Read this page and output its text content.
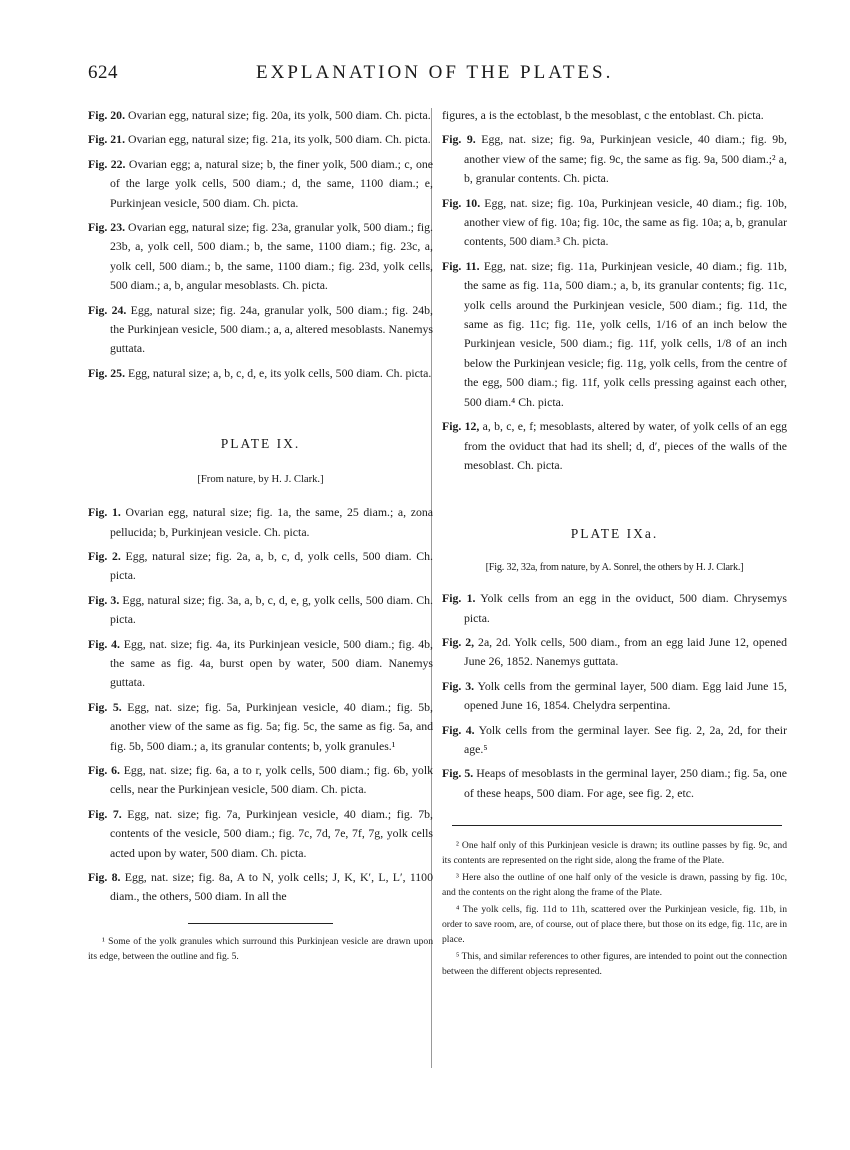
624	EXPLANATION OF THE PLATES.

Fig. 20. Ovarian egg, natural size; fig. 20a, its yolk, 500 diam. Ch. picta.

Fig. 21. Ovarian egg, natural size; fig. 21a, its yolk, 500 diam. Ch. picta.

Fig. 22. Ovarian egg; a, natural size; b, the finer yolk, 500 diam.; c, one of the large yolk cells, 500 diam.; d, the same, 1100 diam.; e, Purkinjean vesicle, 500 diam. Ch. picta.

Fig. 23. Ovarian egg, natural size; fig. 23a, granular yolk, 500 diam.; fig. 23b, a, yolk cell, 500 diam.; b, the same, 1100 diam.; fig. 23c, a, yolk cell, 500 diam.; b, the same, 1100 diam.; fig. 23d, yolk cells, 500 diam.; a, b, angular mesoblasts. Ch. picta.

Fig. 24. Egg, natural size; fig. 24a, granular yolk, 500 diam.; fig. 24b, the Purkinjean vesicle, 500 diam.; a, a, altered mesoblasts. Nanemys guttata.

Fig. 25. Egg, natural size; a, b, c, d, e, its yolk cells, 500 diam. Ch. picta.

PLATE IX.

[From nature, by H. J. Clark.]

Fig. 1. Ovarian egg, natural size; fig. 1a, the same, 25 diam.; a, zona pellucida; b, Purkinjean vesicle. Ch. picta.

Fig. 2. Egg, natural size; fig. 2a, a, b, c, d, yolk cells, 500 diam. Ch. picta.

Fig. 3. Egg, natural size; fig. 3a, a, b, c, d, e, g, yolk cells, 500 diam. Ch. picta.

Fig. 4. Egg, nat. size; fig. 4a, its Purkinjean vesicle, 500 diam.; fig. 4b, the same as fig. 4a, burst open by water, 500 diam. Nanemys guttata.

Fig. 5. Egg, nat. size; fig. 5a, Purkinjean vesicle, 40 diam.; fig. 5b, another view of the same as fig. 5a; fig. 5c, the same as fig. 5a, and fig. 5b, 500 diam.; a, its granular contents; b, yolk granules.¹

Fig. 6. Egg, nat. size; fig. 6a, a to r, yolk cells, 500 diam.; fig. 6b, yolk cells, near the Purkinjean vesicle, 500 diam. Ch. picta.

Fig. 7. Egg, nat. size; fig. 7a, Purkinjean vesicle, 40 diam.; fig. 7b, contents of the vesicle, 500 diam.; fig. 7c, 7d, 7e, 7f, 7g, yolk cells acted upon by water, 500 diam. Ch. picta.

Fig. 8. Egg, nat. size; fig. 8a, A to N, yolk cells; J, K, K′, L, L′, 1100 diam., the others, 500 diam. In all the

¹ Some of the yolk granules which surround this Purkinjean vesicle are drawn upon its edge, between the outline and fig. 5.

figures, a is the ectoblast, b the mesoblast, c the entoblast. Ch. picta.

Fig. 9. Egg, nat. size; fig. 9a, Purkinjean vesicle, 40 diam.; fig. 9b, another view of the same; fig. 9c, the same as fig. 9a, 500 diam.;² a, b, granular contents. Ch. picta.

Fig. 10. Egg, nat. size; fig. 10a, Purkinjean vesicle, 40 diam.; fig. 10b, another view of fig. 10a; fig. 10c, the same as fig. 10a; a, b, granular contents, 500 diam.³ Ch. picta.

Fig. 11. Egg, nat. size; fig. 11a, Purkinjean vesicle, 40 diam.; fig. 11b, the same as fig. 11a, 500 diam.; a, b, its granular contents; fig. 11c, yolk cells around the Purkinjean vesicle, 500 diam.; fig. 11d, the same as fig. 11c; fig. 11e, yolk cells, 1/16 of an inch below the Purkinjean vesicle, 500 diam.; fig. 11f, yolk cells, 1/8 of an inch below the Purkinjean vesicle; fig. 11g, yolk cells, from the centre of the egg, 500 diam.; fig. 11f, yolk cells pressing against each other, 500 diam.⁴ Ch. picta.

Fig. 12, a, b, c, e, f; mesoblasts, altered by water, of yolk cells of an egg from the oviduct that had its shell; d, d′, pieces of the walls of the mesoblast. Ch. picta.

PLATE IXa.

[Fig. 32, 32a, from nature, by A. Sonrel, the others by H. J. Clark.]

Fig. 1. Yolk cells from an egg in the oviduct, 500 diam. Chrysemys picta.

Fig. 2, 2a, 2d. Yolk cells, 500 diam., from an egg laid June 12, opened June 26, 1852. Nanemys guttata.

Fig. 3. Yolk cells from the germinal layer, 500 diam. Egg laid June 15, opened June 16, 1854. Chelydra serpentina.

Fig. 4. Yolk cells from the germinal layer. See fig. 2, 2a, 2d, for their age.⁵

Fig. 5. Heaps of mesoblasts in the germinal layer, 250 diam.; fig. 5a, one of these heaps, 500 diam. For age, see fig. 2, etc.

² One half only of this Purkinjean vesicle is drawn; its outline passes by fig. 9c, and its contents are represented on the right side, along the frame of the Plate.

³ Here also the outline of one half only of the vesicle is drawn, passing by fig. 10c, and the contents on the right along the frame of the Plate.

⁴ The yolk cells, fig. 11d to 11h, scattered over the Purkinjean vesicle, fig. 11b, in order to save room, are, of course, out of place there, but those on its edge, fig. 11c, are in place.

⁵ This, and similar references to other figures, are intended to point out the connection between the different objects represented.
